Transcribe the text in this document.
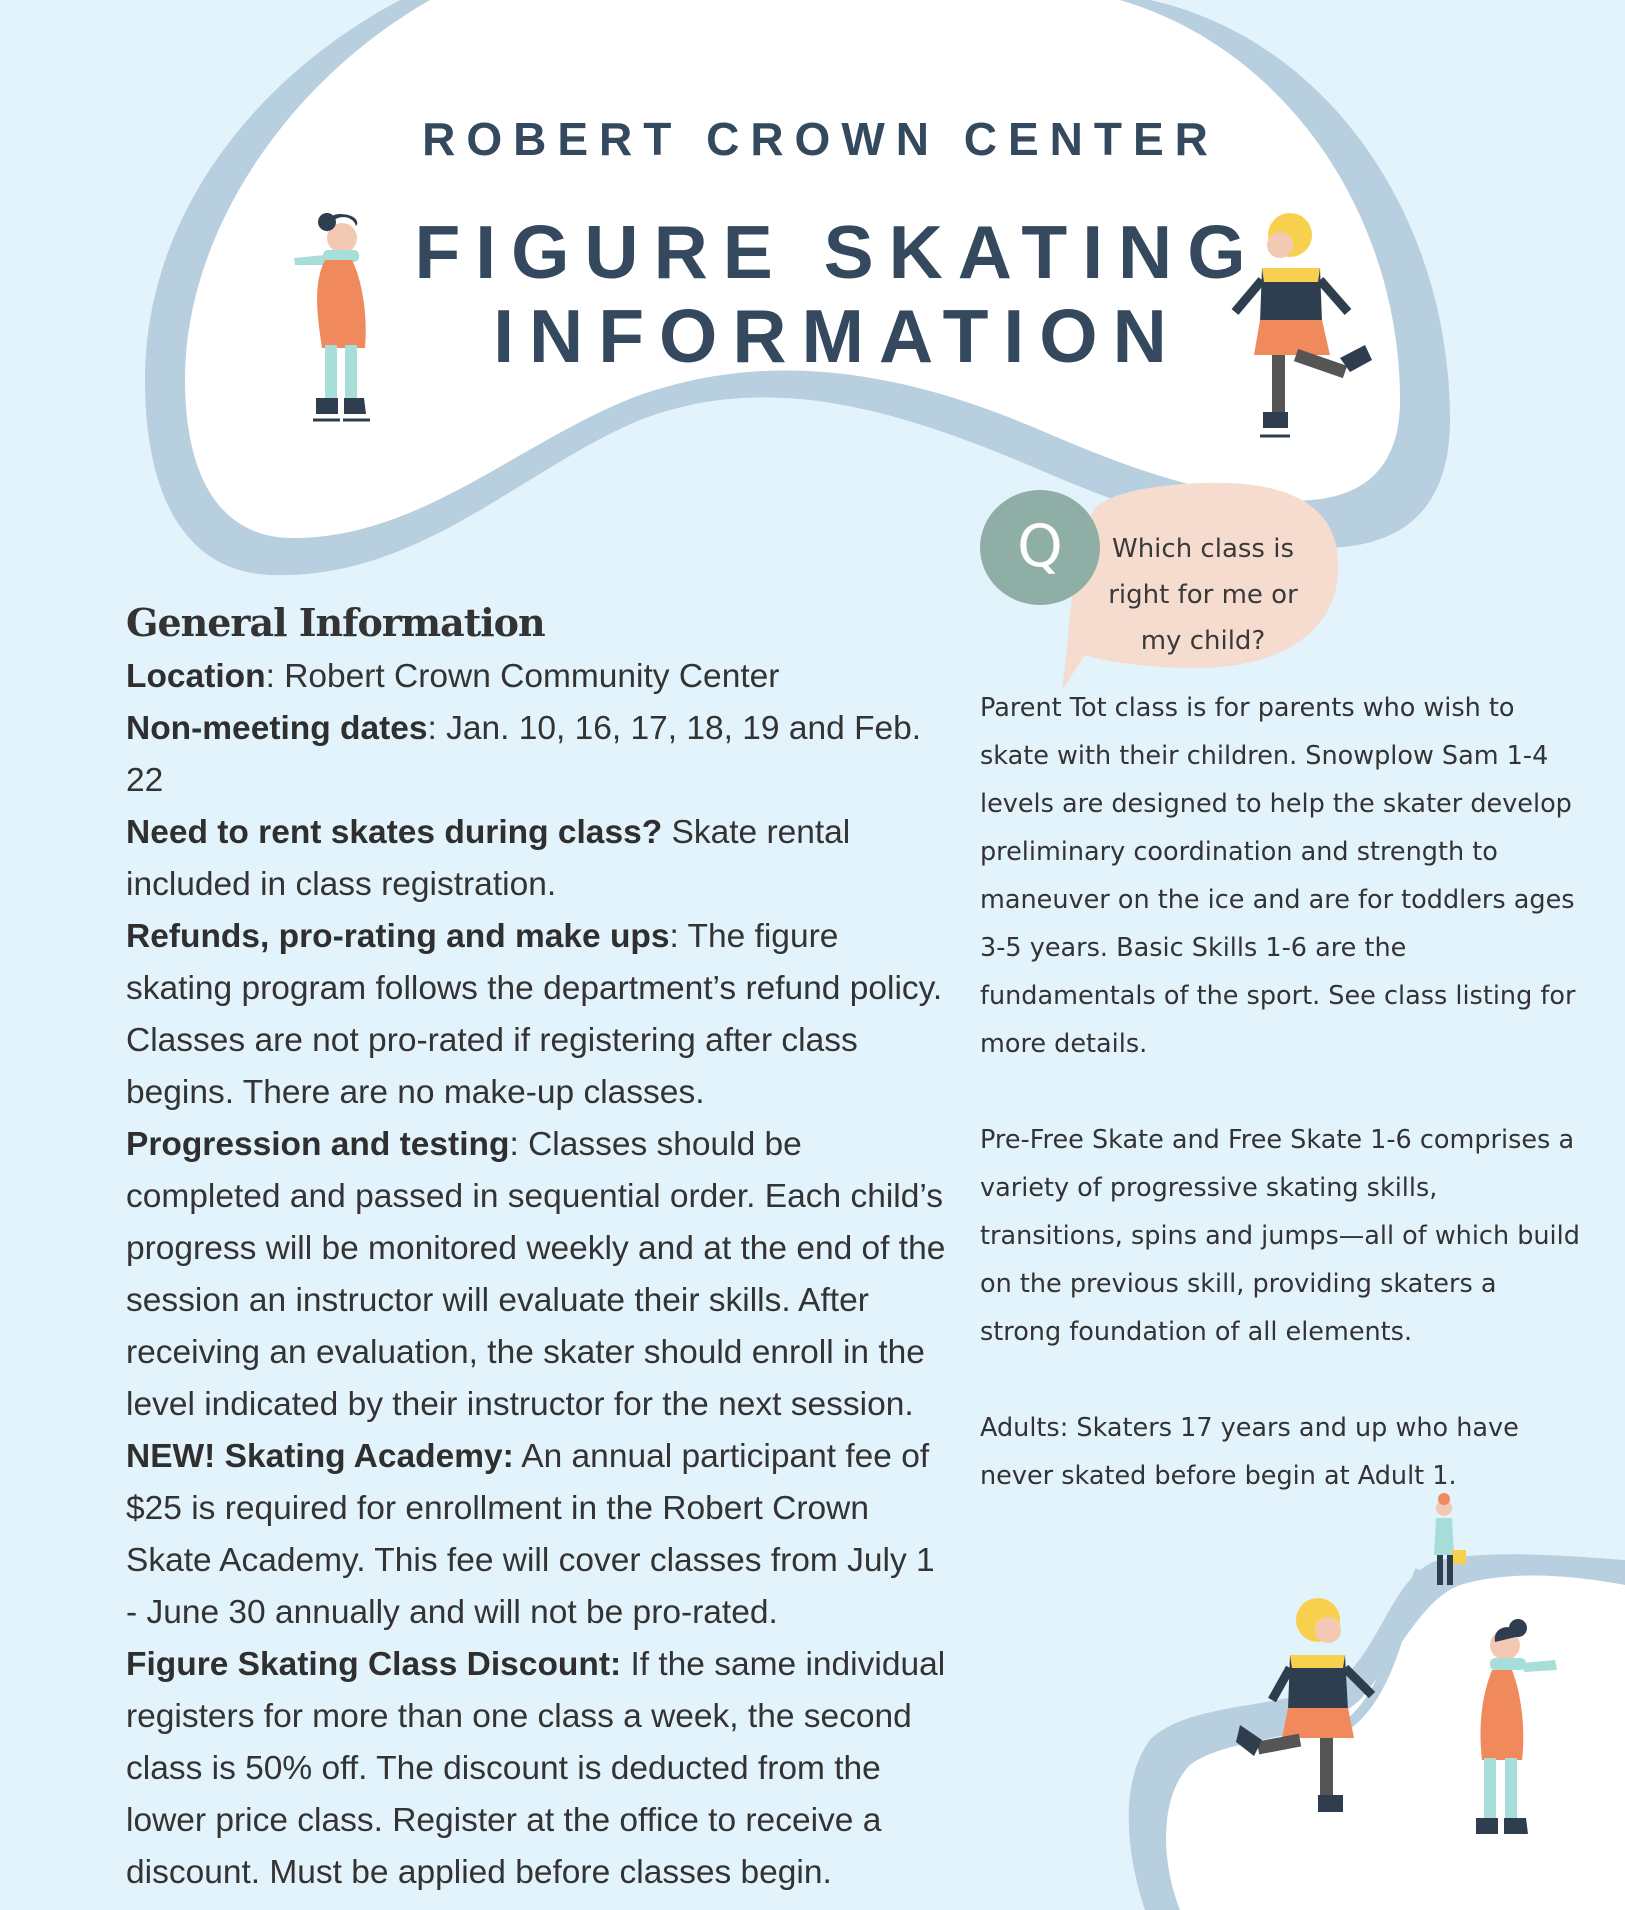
ROBERT CROWN CENTER
FIGURE SKATING
INFORMATION
Q	Which class is right for me or my child?
General Information

Location: Robert Crown Community Center

Non-meeting dates: Jan. 10, 16, 17, 18, 19 and Feb. 22

Need to rent skates during class? Skate rental included in class registration.

Refunds, pro-rating and make ups: The figure skating program follows the department’s refund policy. Classes are not pro-rated if registering after class begins. There are no make-up classes.

Progression and testing: Classes should be completed and passed in sequential order. Each child’s progress will be monitored weekly and at the end of the session an instructor will evaluate their skills. After receiving an evaluation, the skater should enroll in the level indicated by their instructor for the next session.

NEW! Skating Academy: An annual participant fee of $25 is required for enrollment in the Robert Crown Skate Academy. This fee will cover classes from July 1 - June 30 annually and will not be pro-rated.

Figure Skating Class Discount: If the same individual registers for more than one class a week, the second class is 50% off. The discount is deducted from the lower price class. Register at the office to receive a discount. Must be applied before classes begin.

Parent Tot class is for parents who wish to skate with their children. Snowplow Sam 1-4 levels are designed to help the skater develop preliminary coordination and strength to maneuver on the ice and are for toddlers ages 3-5 years. Basic Skills 1-6 are the fundamentals of the sport. See class listing for more details.

Pre-Free Skate and Free Skate 1-6 comprises a variety of progressive skating skills, transitions, spins and jumps—all of which build on the previous skill, providing skaters a strong foundation of all elements.

Adults: Skaters 17 years and up who have never skated before begin at Adult 1.
